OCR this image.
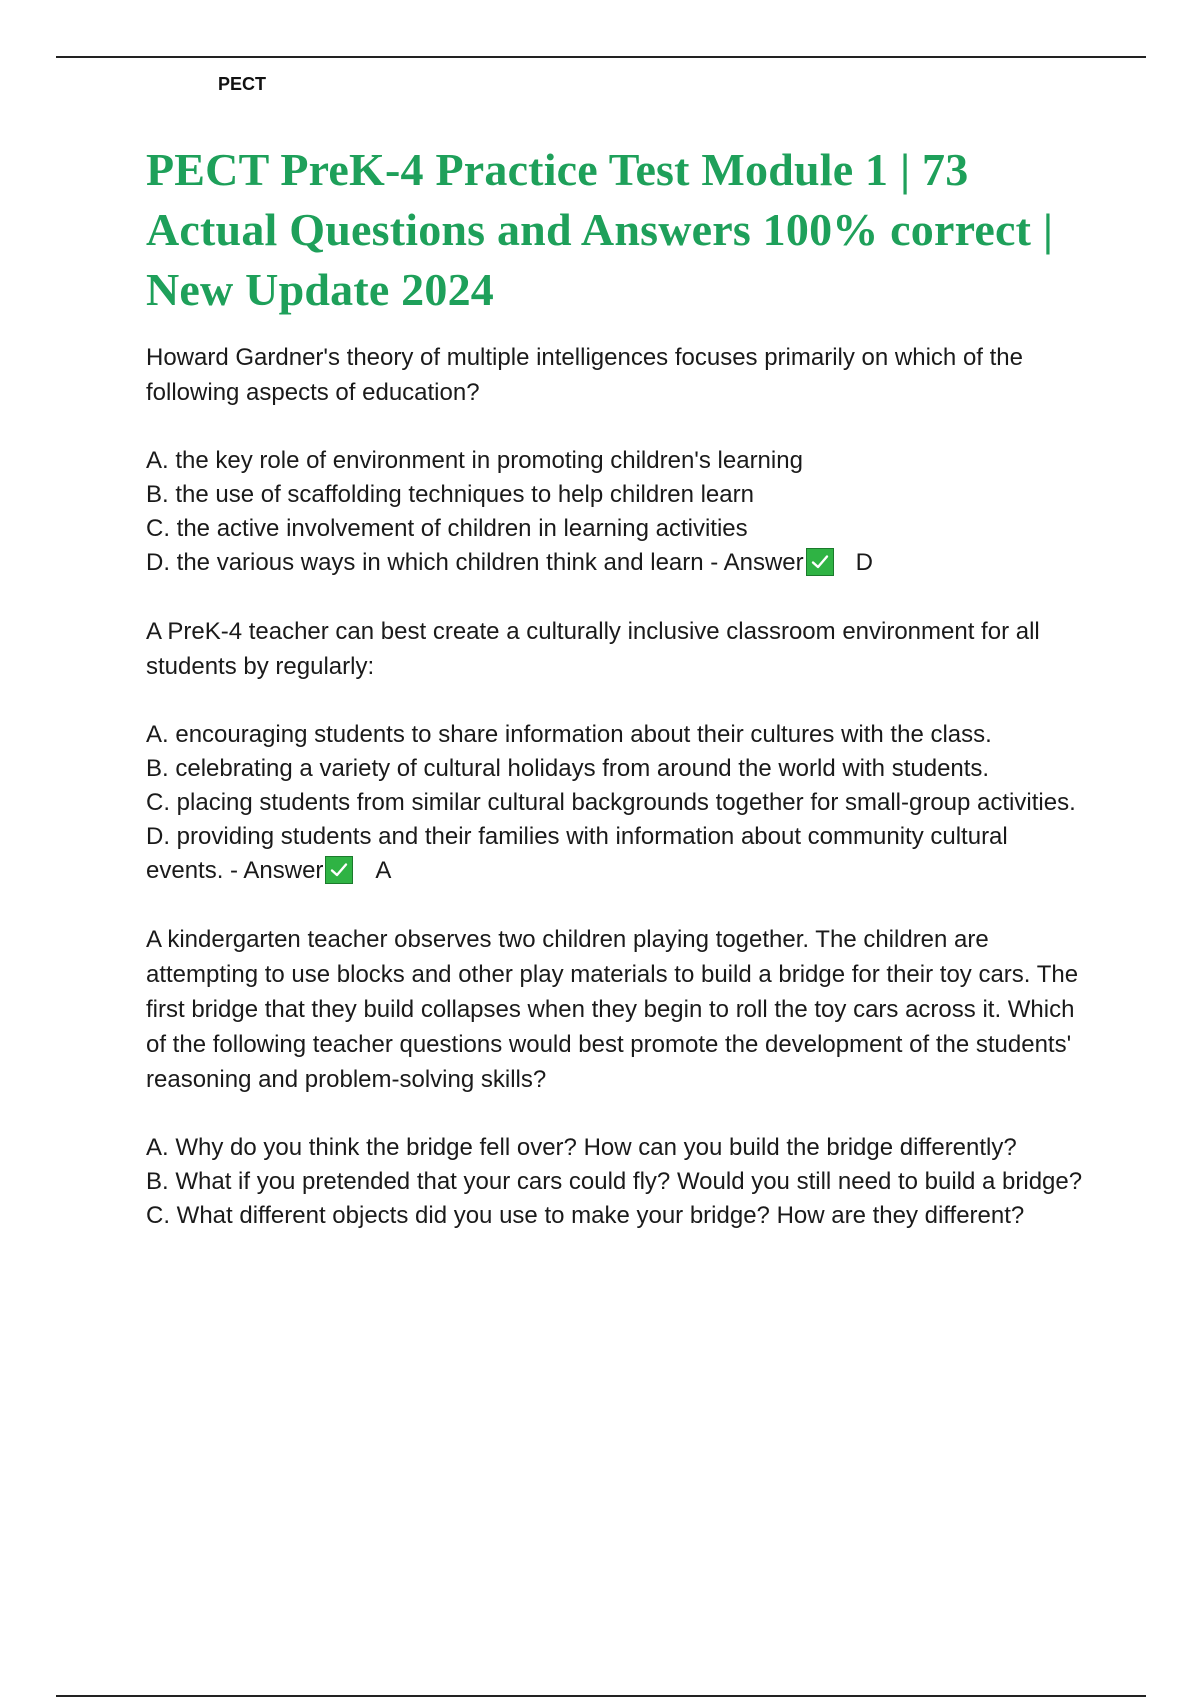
PECT
PECT PreK-4 Practice Test Module 1 | 73 Actual Questions and Answers 100% correct | New Update 2024

Howard Gardner's theory of multiple intelligences focuses primarily on which of the following aspects of education?

A. the key role of environment in promoting children's learning
B. the use of scaffolding techniques to help children learn
C. the active involvement of children in learning activities
D. the various ways in which children think and learn - Answer D

A PreK-4 teacher can best create a culturally inclusive classroom environment for all students by regularly:

A. encouraging students to share information about their cultures with the class.
B. celebrating a variety of cultural holidays from around the world with students.
C. placing students from similar cultural backgrounds together for small-group activities.
D. providing students and their families with information about community cultural events. - Answer A

A kindergarten teacher observes two children playing together. The children are attempting to use blocks and other play materials to build a bridge for their toy cars. The first bridge that they build collapses when they begin to roll the toy cars across it. Which of the following teacher questions would best promote the development of the students' reasoning and problem-solving skills?

A. Why do you think the bridge fell over? How can you build the bridge differently?
B. What if you pretended that your cars could fly? Would you still need to build a bridge?
C. What different objects did you use to make your bridge? How are they different?
